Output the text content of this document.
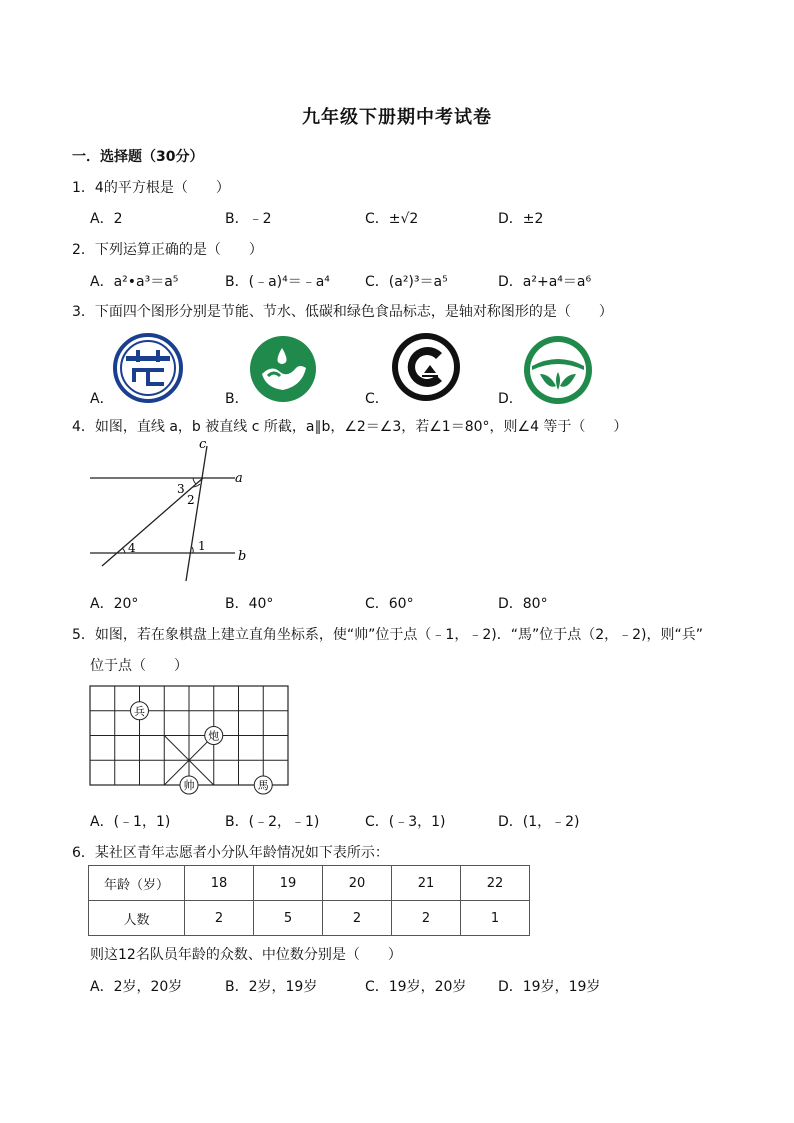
九年级下册期中考试卷
一．选择题（30分）
1．4的平方根是（　　）
A．2	B．﹣2	C．±√2	D．±2
2．下列运算正确的是（　　）
A．a²•a³＝a⁵	B．(﹣a)⁴＝﹣a⁴	C．(a²)³＝a⁵	D．a²+a⁴＝a⁶
3．下面四个图形分别是节能、节水、低碳和绿色食品标志，是轴对称图形的是（　　）
A．	B．	C．	D．
4．如图，直线 a，b 被直线 c 所截，a∥b，∠2＝∠3，若∠1＝80°，则∠4 等于（　　）
c
a
b
3
2
4	1
A．20°	B．40°	C．60°	D．80°
5．如图，若在象棋盘上建立直角坐标系，使“帅”位于点（﹣1，﹣2)．“馬”位于点（2，﹣2)，则“兵”
位于点（　　）
兵
炮
帅	馬
A．(﹣1，1)	B．(﹣2，﹣1)	C．(﹣3，1)	D．(1，﹣2)
6．某社区青年志愿者小分队年龄情况如下表所示：
年龄（岁）	18	19	20	21	22
人数	2	5	2	2	1
则这12名队员年龄的众数、中位数分别是（　　）
A．2岁，20岁	B．2岁，19岁	C．19岁，20岁 D．19岁，19岁
